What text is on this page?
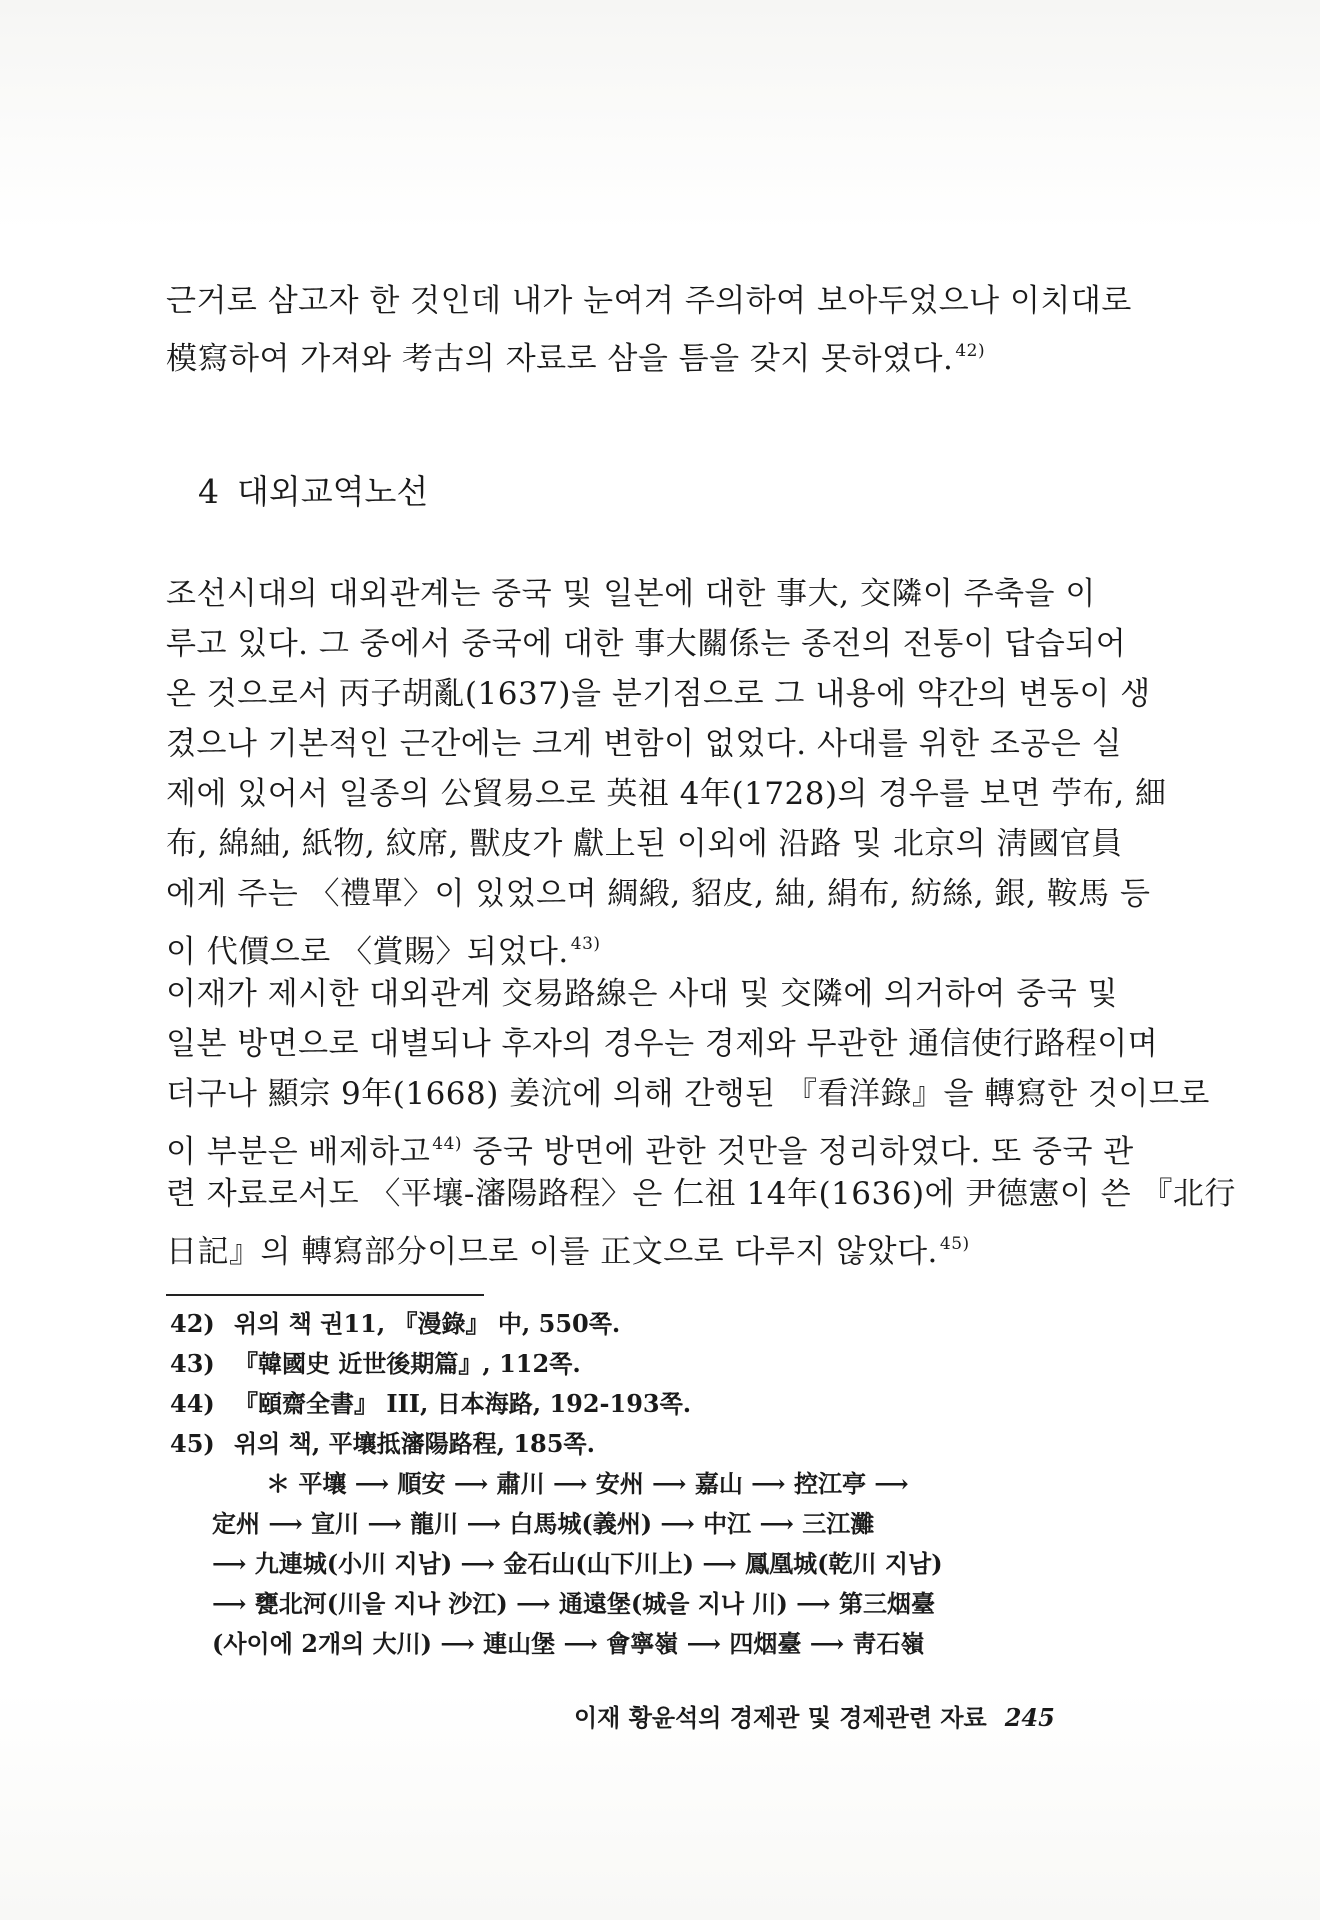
근거로 삼고자 한 것인데 내가 눈여겨 주의하여 보아두었으나 이치대로
模寫하여 가져와 考古의 자료로 삼을 틈을 갖지 못하였다. $^{42)}$
4 대외교역노선
조선시대의 대외관계는 중국 및 일본에 대한 事大, 交隣이 주축을 이
루고 있다. 그 중에서 중국에 대한 事大關係는 종전의 전통이 답습되어
온 것으로서 丙子胡亂(1637)을 분기점으로 그 내용에 약간의 변동이 생
겼으나 기본적인 근간에는 크게 변함이 없었다. 사대를 위한 조공은 실
제에 있어서 일종의 公貿易으로 英祖 4年(1728)의 경우를 보면 苧布, 細
布, 綿紬, 紙物, 紋席, 獸皮가 獻上된 이외에 沿路 및 北京의 淸國官員
에게 주는 〈禮單〉이 있었으며 綢緞, 貂皮, 紬, 絹布, 紡絲, 銀, 鞍馬 등
이 代價으로 〈賞賜〉되었다. $^{43)}$
이재가 제시한 대외관계 交易路線은 사대 및 交隣에 의거하여 중국 및
일본 방면으로 대별되나 후자의 경우는 경제와 무관한 通信使行路程이며
더구나 顯宗 9年(1668) 姜沆에 의해 간행된 『看洋錄』을 轉寫한 것이므로
이 부분은 배제하고 $^{44)}$ 중국 방면에 관한 것만을 정리하였다. 또 중국 관
련 자료로서도 〈平壤-瀋陽路程〉은 仁祖 14年(1636)에 尹德憲이 쓴 『北行
日記』의 轉寫部分이므로 이를 正文으로 다루지 않았다. $^{45)}$
42) 위의 책 권11, 『漫錄』 中, 550쪽.
43) 『韓國史 近世後期篇』, 112쪽.
44) 『頤齋全書』 III, 日本海路, 192-193쪽.
45) 위의 책, 平壤抵瀋陽路程, 185쪽.
＊ 平壤 ⟶ 順安 ⟶ 肅川 ⟶ 安州 ⟶ 嘉山 ⟶ 控江亭 ⟶
定州 ⟶ 宣川 ⟶ 龍川 ⟶ 白馬城(義州) ⟶ 中江 ⟶ 三江灘
⟶ 九連城(小川 지남) ⟶ 金石山(山下川上) ⟶ 鳳凰城(乾川 지남)
⟶ 甕北河(川을 지나 沙江) ⟶ 通遠堡(城을 지나 川) ⟶ 第三烟臺
(사이에 2개의 大川) ⟶ 連山堡 ⟶ 會寧嶺 ⟶ 四烟臺 ⟶ 靑石嶺
이재 황윤석의 경제관 및 경제관련 자료 245
